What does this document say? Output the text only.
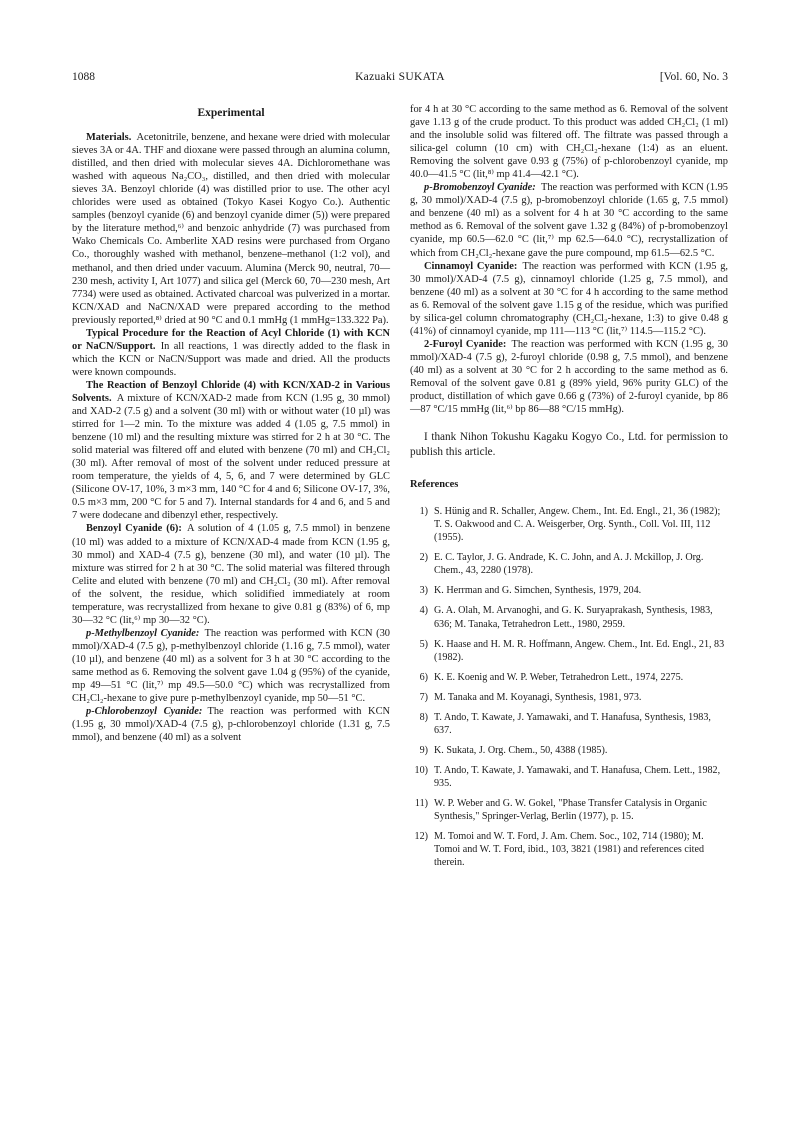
1088	Kazuaki SUKATA	[Vol. 60, No. 3
Experimental

Materials.  Acetonitrile, benzene, and hexane were dried with molecular sieves 3A or 4A. THF and dioxane were passed through an alumina column, distilled, and then dried with molecular sieves 4A. Dichloromethane was washed with aqueous Na₂CO₃, distilled, and then dried with molecular sieves 3A. Benzoyl chloride (4) was distilled prior to use. The other acyl chlorides were used as obtained (Tokyo Kasei Kogyo Co.). Authentic samples (benzoyl cyanide (6) and benzoyl cyanide dimer (5)) were prepared by the literature method,⁶⁾ and benzoic anhydride (7) was purchased from Wako Chemicals Co. Amberlite XAD resins were purchased from Organo Co., thoroughly washed with methanol, benzene–methanol (1:2 vol), and methanol, and then dried under vacuum. Alumina (Merck 90, neutral, 70—230 mesh, activity I, Art 1077) and silica gel (Merck 60, 70—230 mesh, Art 7734) were used as obtained. Activated charcoal was pulverized in a mortar. KCN/XAD and NaCN/XAD were prepared according to the method previously reported,⁸⁾ dried at 90 °C and 0.1 mmHg (1 mmHg=133.322 Pa).

Typical Procedure for the Reaction of Acyl Chloride (1) with KCN or NaCN/Support.  In all reactions, 1 was directly added to the flask in which the KCN or NaCN/Support was made and dried. All the products were known compounds.

The Reaction of Benzoyl Chloride (4) with KCN/XAD-2 in Various Solvents.  A mixture of KCN/XAD-2 made from KCN (1.95 g, 30 mmol) and XAD-2 (7.5 g) and a solvent (30 ml) with or without water (10 µl) was stirred for 1—2 min. To the mixture was added 4 (1.05 g, 7.5 mmol) in benzene (10 ml) and the resulting mixture was stirred for 2 h at 30 °C. The solid material was filtered off and eluted with benzene (70 ml) and CH₂Cl₂ (30 ml). After removal of most of the solvent under reduced pressure at room temperature, the yields of 4, 5, 6, and 7 were determined by GLC (Silicone OV-17, 10%, 3 m×3 mm, 140 °C for 4 and 6; Silicone OV-17, 3%, 0.5 m×3 mm, 200 °C for 5 and 7). Internal standards for 4 and 6, and 5 and 7 were dodecane and dibenzyl ether, respectively.

Benzoyl Cyanide (6):  A solution of 4 (1.05 g, 7.5 mmol) in benzene (10 ml) was added to a mixture of KCN/XAD-4 made from KCN (1.95 g, 30 mmol) and XAD-4 (7.5 g), benzene (30 ml), and water (10 µl). The mixture was stirred for 2 h at 30 °C. The solid material was filtered through Celite and eluted with benzene (70 ml) and CH₂Cl₂ (30 ml). After removal of the solvent, the residue, which solidified immediately at room temperature, was recrystallized from hexane to give 0.81 g (83%) of 6, mp 30—32 °C (lit,⁶⁾ mp 30—32 °C).

p-Methylbenzoyl Cyanide:  The reaction was performed with KCN (30 mmol)/XAD-4 (7.5 g), p-methylbenzoyl chloride (1.16 g, 7.5 mmol), water (10 µl), and benzene (40 ml) as a solvent for 3 h at 30 °C according to the same method as 6. Removing the solvent gave 1.04 g (95%) of the cyanide, mp 49—51 °C (lit,⁷⁾ mp 49.5—50.0 °C) which was recrystallized from CH₂Cl₂-hexane to give pure p-methylbenzoyl cyanide, mp 50—51 °C.

p-Chlorobenzoyl Cyanide:  The reaction was performed with KCN (1.95 g, 30 mmol)/XAD-4 (7.5 g), p-chlorobenzoyl chloride (1.31 g, 7.5 mmol), and benzene (40 ml) as a solvent

for 4 h at 30 °C according to the same method as 6. Removal of the solvent gave 1.13 g of the crude product. To this product was added CH₂Cl₂ (1 ml) and the insoluble solid was filtered off. The filtrate was passed through a silica-gel column (10 cm) with CH₂Cl₂-hexane (1:4) as an eluent. Removing the solvent gave 0.93 g (75%) of p-chlorobenzoyl cyanide, mp 40.0—41.5 °C (lit,⁸⁾ mp 41.4—42.1 °C).

p-Bromobenzoyl Cyanide:  The reaction was performed with KCN (1.95 g, 30 mmol)/XAD-4 (7.5 g), p-bromobenzoyl chloride (1.65 g, 7.5 mmol) and benzene (40 ml) as a solvent for 4 h at 30 °C according to the same method as 6. Removal of the solvent gave 1.32 g (84%) of p-bromobenzoyl cyanide, mp 60.5—62.0 °C (lit,⁷⁾ mp 62.5—64.0 °C), recrystallization of which from CH₂Cl₂-hexane gave the pure compound, mp 61.5—62.5 °C.

Cinnamoyl Cyanide:  The reaction was performed with KCN (1.95 g, 30 mmol)/XAD-4 (7.5 g), cinnamoyl chloride (1.25 g, 7.5 mmol), and benzene (40 ml) as a solvent at 30 °C for 4 h according to the same method as 6. Removal of the solvent gave 1.15 g of the residue, which was purified by silica-gel column chromatography (CH₂Cl₂-hexane, 1:3) to give 0.48 g (41%) of cinnamoyl cyanide, mp 111—113 °C (lit,⁷⁾ 114.5—115.2 °C).

2-Furoyl Cyanide:  The reaction was performed with KCN (1.95 g, 30 mmol)/XAD-4 (7.5 g), 2-furoyl chloride (0.98 g, 7.5 mmol), and benzene (40 ml) as a solvent at 30 °C for 2 h according to the same method as 6. Removal of the solvent gave 0.81 g (89% yield, 96% purity GLC) of the product, distillation of which gave 0.66 g (73%) of 2-furoyl cyanide, bp 86—87 °C/15 mmHg (lit,⁶⁾ bp 86—88 °C/15 mmHg).

I thank Nihon Tokushu Kagaku Kogyo Co., Ltd. for permission to publish this article.

References
1) S. Hünig and R. Schaller, Angew. Chem., Int. Ed. Engl., 21, 36 (1982); T. S. Oakwood and C. A. Weisgerber, Org. Synth., Coll. Vol. III, 112 (1955).
2) E. C. Taylor, J. G. Andrade, K. C. John, and A. J. Mckillop, J. Org. Chem., 43, 2280 (1978).
3) K. Herrman and G. Simchen, Synthesis, 1979, 204.
4) G. A. Olah, M. Arvanoghi, and G. K. Suryaprakash, Synthesis, 1983, 636; M. Tanaka, Tetrahedron Lett., 1980, 2959.
5) K. Haase and H. M. R. Hoffmann, Angew. Chem., Int. Ed. Engl., 21, 83 (1982).
6) K. E. Koenig and W. P. Weber, Tetrahedron Lett., 1974, 2275.
7) M. Tanaka and M. Koyanagi, Synthesis, 1981, 973.
8) T. Ando, T. Kawate, J. Yamawaki, and T. Hanafusa, Synthesis, 1983, 637.
9) K. Sukata, J. Org. Chem., 50, 4388 (1985).
10) T. Ando, T. Kawate, J. Yamawaki, and T. Hanafusa, Chem. Lett., 1982, 935.
11) W. P. Weber and G. W. Gokel, "Phase Transfer Catalysis in Organic Synthesis," Springer-Verlag, Berlin (1977), p. 15.
12) M. Tomoi and W. T. Ford, J. Am. Chem. Soc., 102, 714 (1980); M. Tomoi and W. T. Ford, ibid., 103, 3821 (1981) and references cited therein.
